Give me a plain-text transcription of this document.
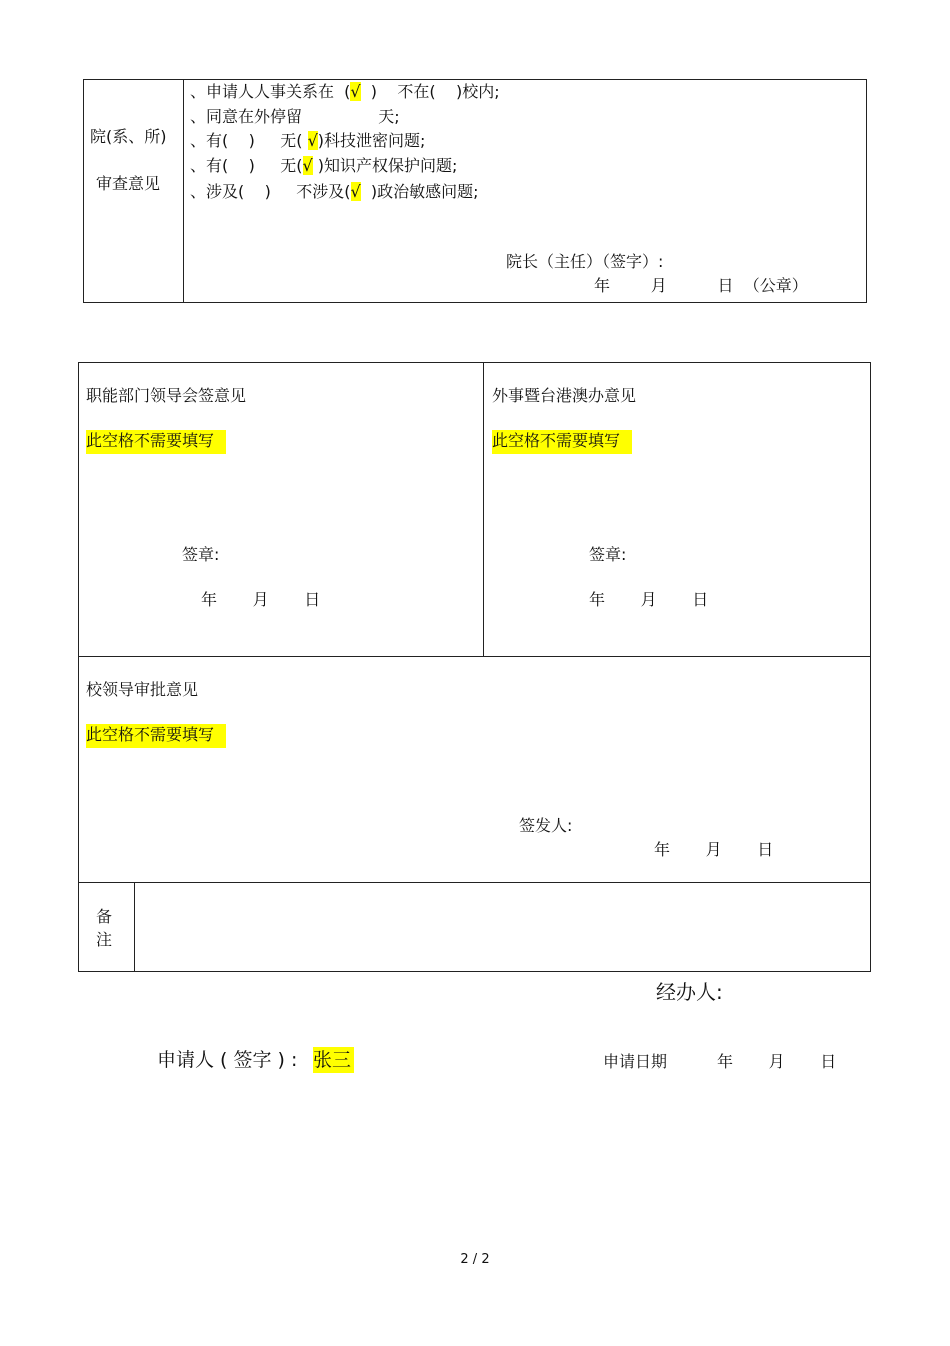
院(系、所)
审查意见
、申请人人事关系在  (√  )    不在(    )校内;
、同意在外停留               天;
、有(    )     无( √)科技泄密问题;
、有(    )     无(√ )知识产权保护问题;
、涉及(    )     不涉及(√  )政治敏感问题;
院长（主任）（签字）:
年        月          日  （公章）
职能部门领导会签意见
此空格不需要填写
签章:
年       月       日
外事暨台港澳办意见
此空格不需要填写
签章:
年       月       日
校领导审批意见
此空格不需要填写
签发人:
年       月       日
备
注
经办人:
申请人 ( 签字 ) : 张三	申请日期	年       月       日
2 / 2
